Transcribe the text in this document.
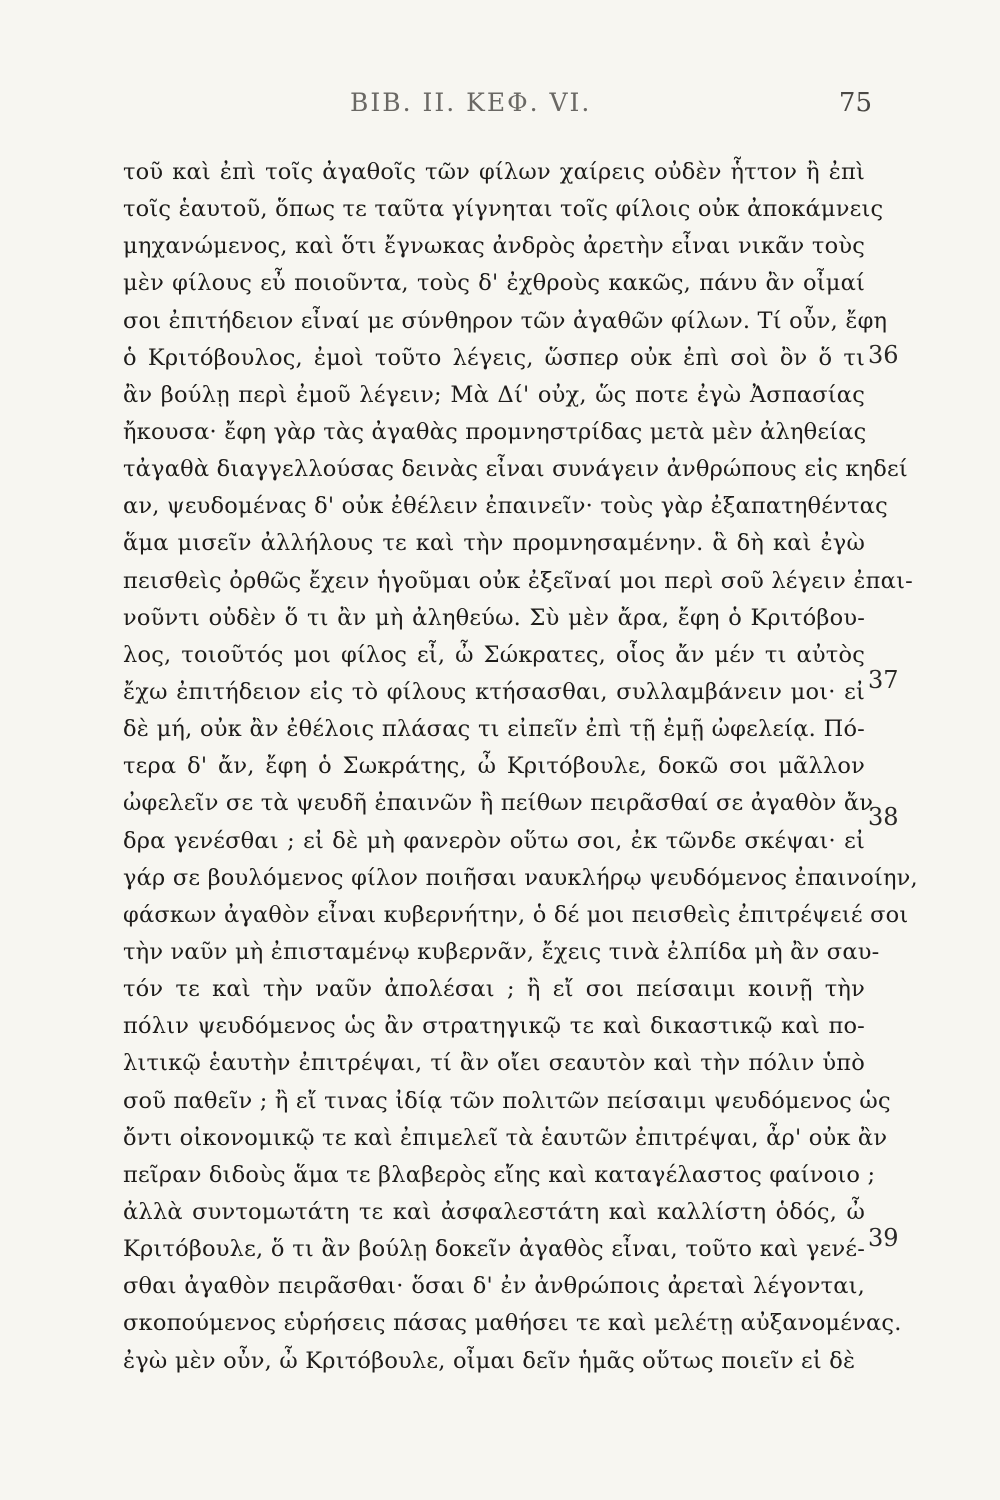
ΒΙΒ. ΙΙ. ΚΕΦ. VI.	75
τοῦ καὶ ἐπὶ τοῖς ἀγαθοῖς τῶν φίλων χαίρεις οὐδὲν ἧττον ἢ ἐπὶ
τοῖς ἑαυτοῦ, ὅπως τε ταῦτα γίγνηται τοῖς φίλοις οὐκ ἀποκάμνεις
μηχανώμενος, καὶ ὅτι ἔγνωκας ἀνδρὸς ἀρετὴν εἶναι νικᾶν τοὺς
μὲν φίλους εὖ ποιοῦντα, τοὺς δ' ἐχθροὺς κακῶς, πάνυ ἂν οἶμαί
σοι ἐπιτήδειον εἶναί με σύνθηρον τῶν ἀγαθῶν φίλων. Τί οὖν, ἔφη
ὁ Κριτόβουλος, ἐμοὶ τοῦτο λέγεις, ὥσπερ οὐκ ἐπὶ σοὶ ὂν ὅ τι
ἂν βούλῃ περὶ ἐμοῦ λέγειν; Μὰ Δί' οὐχ, ὥς ποτε ἐγὼ Ἀσπασίας
ἤκουσα· ἔφη γὰρ τὰς ἀγαθὰς προμνηστρίδας μετὰ μὲν ἀληθείας
τἀγαθὰ διαγγελλούσας δεινὰς εἶναι συνάγειν ἀνθρώπους εἰς κηδεί
αν, ψευδομένας δ' οὐκ ἐθέλειν ἐπαινεῖν· τοὺς γὰρ ἐξαπατηθέντας
ἅμα μισεῖν ἀλλήλους τε καὶ τὴν προμνησαμένην. ἃ δὴ καὶ ἐγὼ
πεισθεὶς ὀρθῶς ἔχειν ἡγοῦμαι οὐκ ἐξεῖναί μοι περὶ σοῦ λέγειν ἐπαι-
νοῦντι οὐδὲν ὅ τι ἂν μὴ ἀληθεύω. Σὺ μὲν ἄρα, ἔφη ὁ Κριτόβου-
λος, τοιοῦτός μοι φίλος εἶ, ὦ Σώκρατες, οἷος ἄν μέν τι αὐτὸς
ἔχω ἐπιτήδειον εἰς τὸ φίλους κτήσασθαι, συλλαμβάνειν μοι· εἰ
δὲ μή, οὐκ ἂν ἐθέλοις πλάσας τι εἰπεῖν ἐπὶ τῇ ἐμῇ ὠφελείᾳ. Πό-
τερα δ' ἄν, ἔφη ὁ Σωκράτης, ὦ Κριτόβουλε, δοκῶ σοι μᾶλλον
ὠφελεῖν σε τὰ ψευδῆ ἐπαινῶν ἢ πείθων πειρᾶσθαί σε ἀγαθὸν ἄν
δρα γενέσθαι ; εἰ δὲ μὴ φανερὸν οὕτω σοι, ἐκ τῶνδε σκέψαι· εἰ
γάρ σε βουλόμενος φίλον ποιῆσαι ναυκλήρῳ ψευδόμενος ἐπαινοίην,
φάσκων ἀγαθὸν εἶναι κυβερνήτην, ὁ δέ μοι πεισθεὶς ἐπιτρέψειέ σοι
τὴν ναῦν μὴ ἐπισταμένῳ κυβερνᾶν, ἔχεις τινὰ ἐλπίδα μὴ ἂν σαυ-
τόν τε καὶ τὴν ναῦν ἀπολέσαι ; ἢ εἴ σοι πείσαιμι κοινῇ τὴν
πόλιν ψευδόμενος ὡς ἂν στρατηγικῷ τε καὶ δικαστικῷ καὶ πο-
λιτικῷ ἑαυτὴν ἐπιτρέψαι, τί ἂν οἴει σεαυτὸν καὶ τὴν πόλιν ὑπὸ
σοῦ παθεῖν ; ἢ εἴ τινας ἰδίᾳ τῶν πολιτῶν πείσαιμι ψευδόμενος ὡς
ὄντι οἰκονομικῷ τε καὶ ἐπιμελεῖ τὰ ἑαυτῶν ἐπιτρέψαι, ἆρ' οὐκ ἂν
πεῖραν διδοὺς ἅμα τε βλαβερὸς εἴης καὶ καταγέλαστος φαίνοιο ;
ἀλλὰ συντομωτάτη τε καὶ ἀσφαλεστάτη καὶ καλλίστη ὁδός, ὦ
Κριτόβουλε, ὅ τι ἂν βούλῃ δοκεῖν ἀγαθὸς εἶναι, τοῦτο καὶ γενέ-
σθαι ἀγαθὸν πειρᾶσθαι· ὅσαι δ' ἐν ἀνθρώποις ἀρεταὶ λέγονται,
σκοπούμενος εὑρήσεις πάσας μαθήσει τε καὶ μελέτῃ αὐξανομένας.
ἐγὼ μὲν οὖν, ὦ Κριτόβουλε, οἶμαι δεῖν ἡμᾶς οὕτως ποιεῖν εἰ δὲ
36
37
38
39
